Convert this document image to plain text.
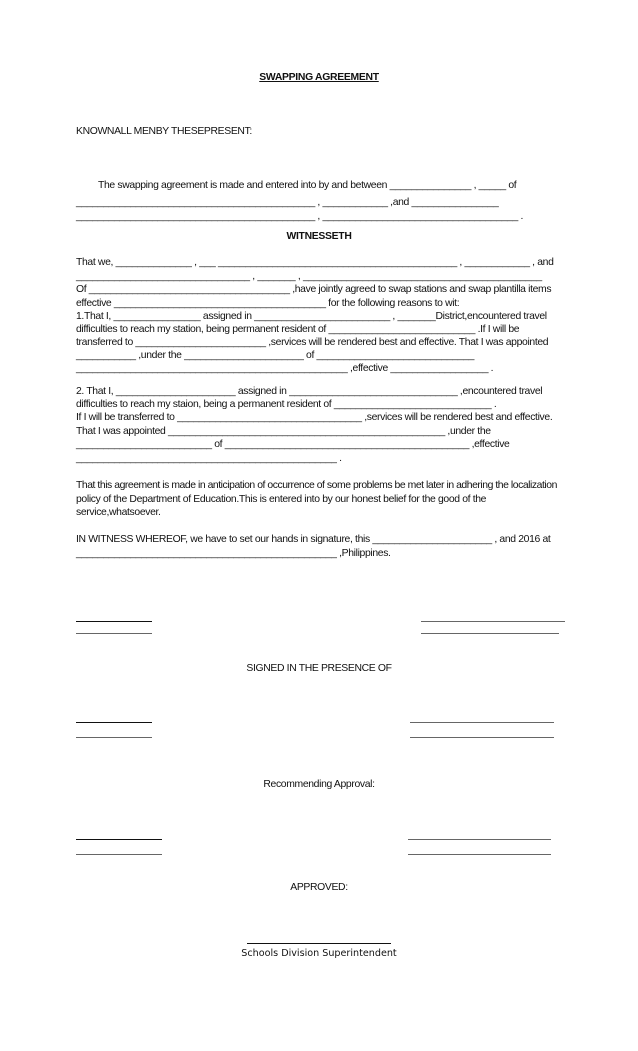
SWAPPING AGREEMENT
KNOWNALL MENBY THESEPRESENT:
The swapping agreement is made and entered into by and between _______________ , _____ of
____________________________________________ , ____________ ,and ________________
____________________________________________ , ____________________________________ .
WITNESSETH
That we, ______________ , ___ ____________________________________________ , ____________ , and
________________________________ , _______ , ____________________________________________
Of _____________________________________ ,have jointly agreed to swap stations and swap plantilla items
effective _______________________________________ for the following reasons to wit:
1.That I, ________________ assigned in _________________________ , _______District,encountered travel
difficulties to reach my station, being permanent resident of ___________________________ .If I will be
transferred to ________________________ ,services will be rendered best and effective. That I was appointed
___________ ,under the ______________________ of _____________________________
__________________________________________________ ,effective __________________ .
2. That I, ______________________ assigned in _______________________________ ,encountered travel
difficulties to reach my staion, being a permanent resident of _____________________________ .
If I will be transferred to __________________________________ ,services will be rendered best and effective.
That I was appointed ___________________________________________________ ,under the
_________________________ of _____________________________________________ ,effective
________________________________________________ .
That this agreement is made in anticipation of occurrence of some problems be met later in adhering the localization
policy of the Department of Education.This is entered into by our honest belief for the good of the
service,whatsoever.
IN WITNESS WHEREOF, we have to set our hands in signature, this ______________________ , and 2016 at
________________________________________________ ,Philippines.
SIGNED IN THE PRESENCE OF
Recommending Approval:
APPROVED:
Schools Division Superintendent
